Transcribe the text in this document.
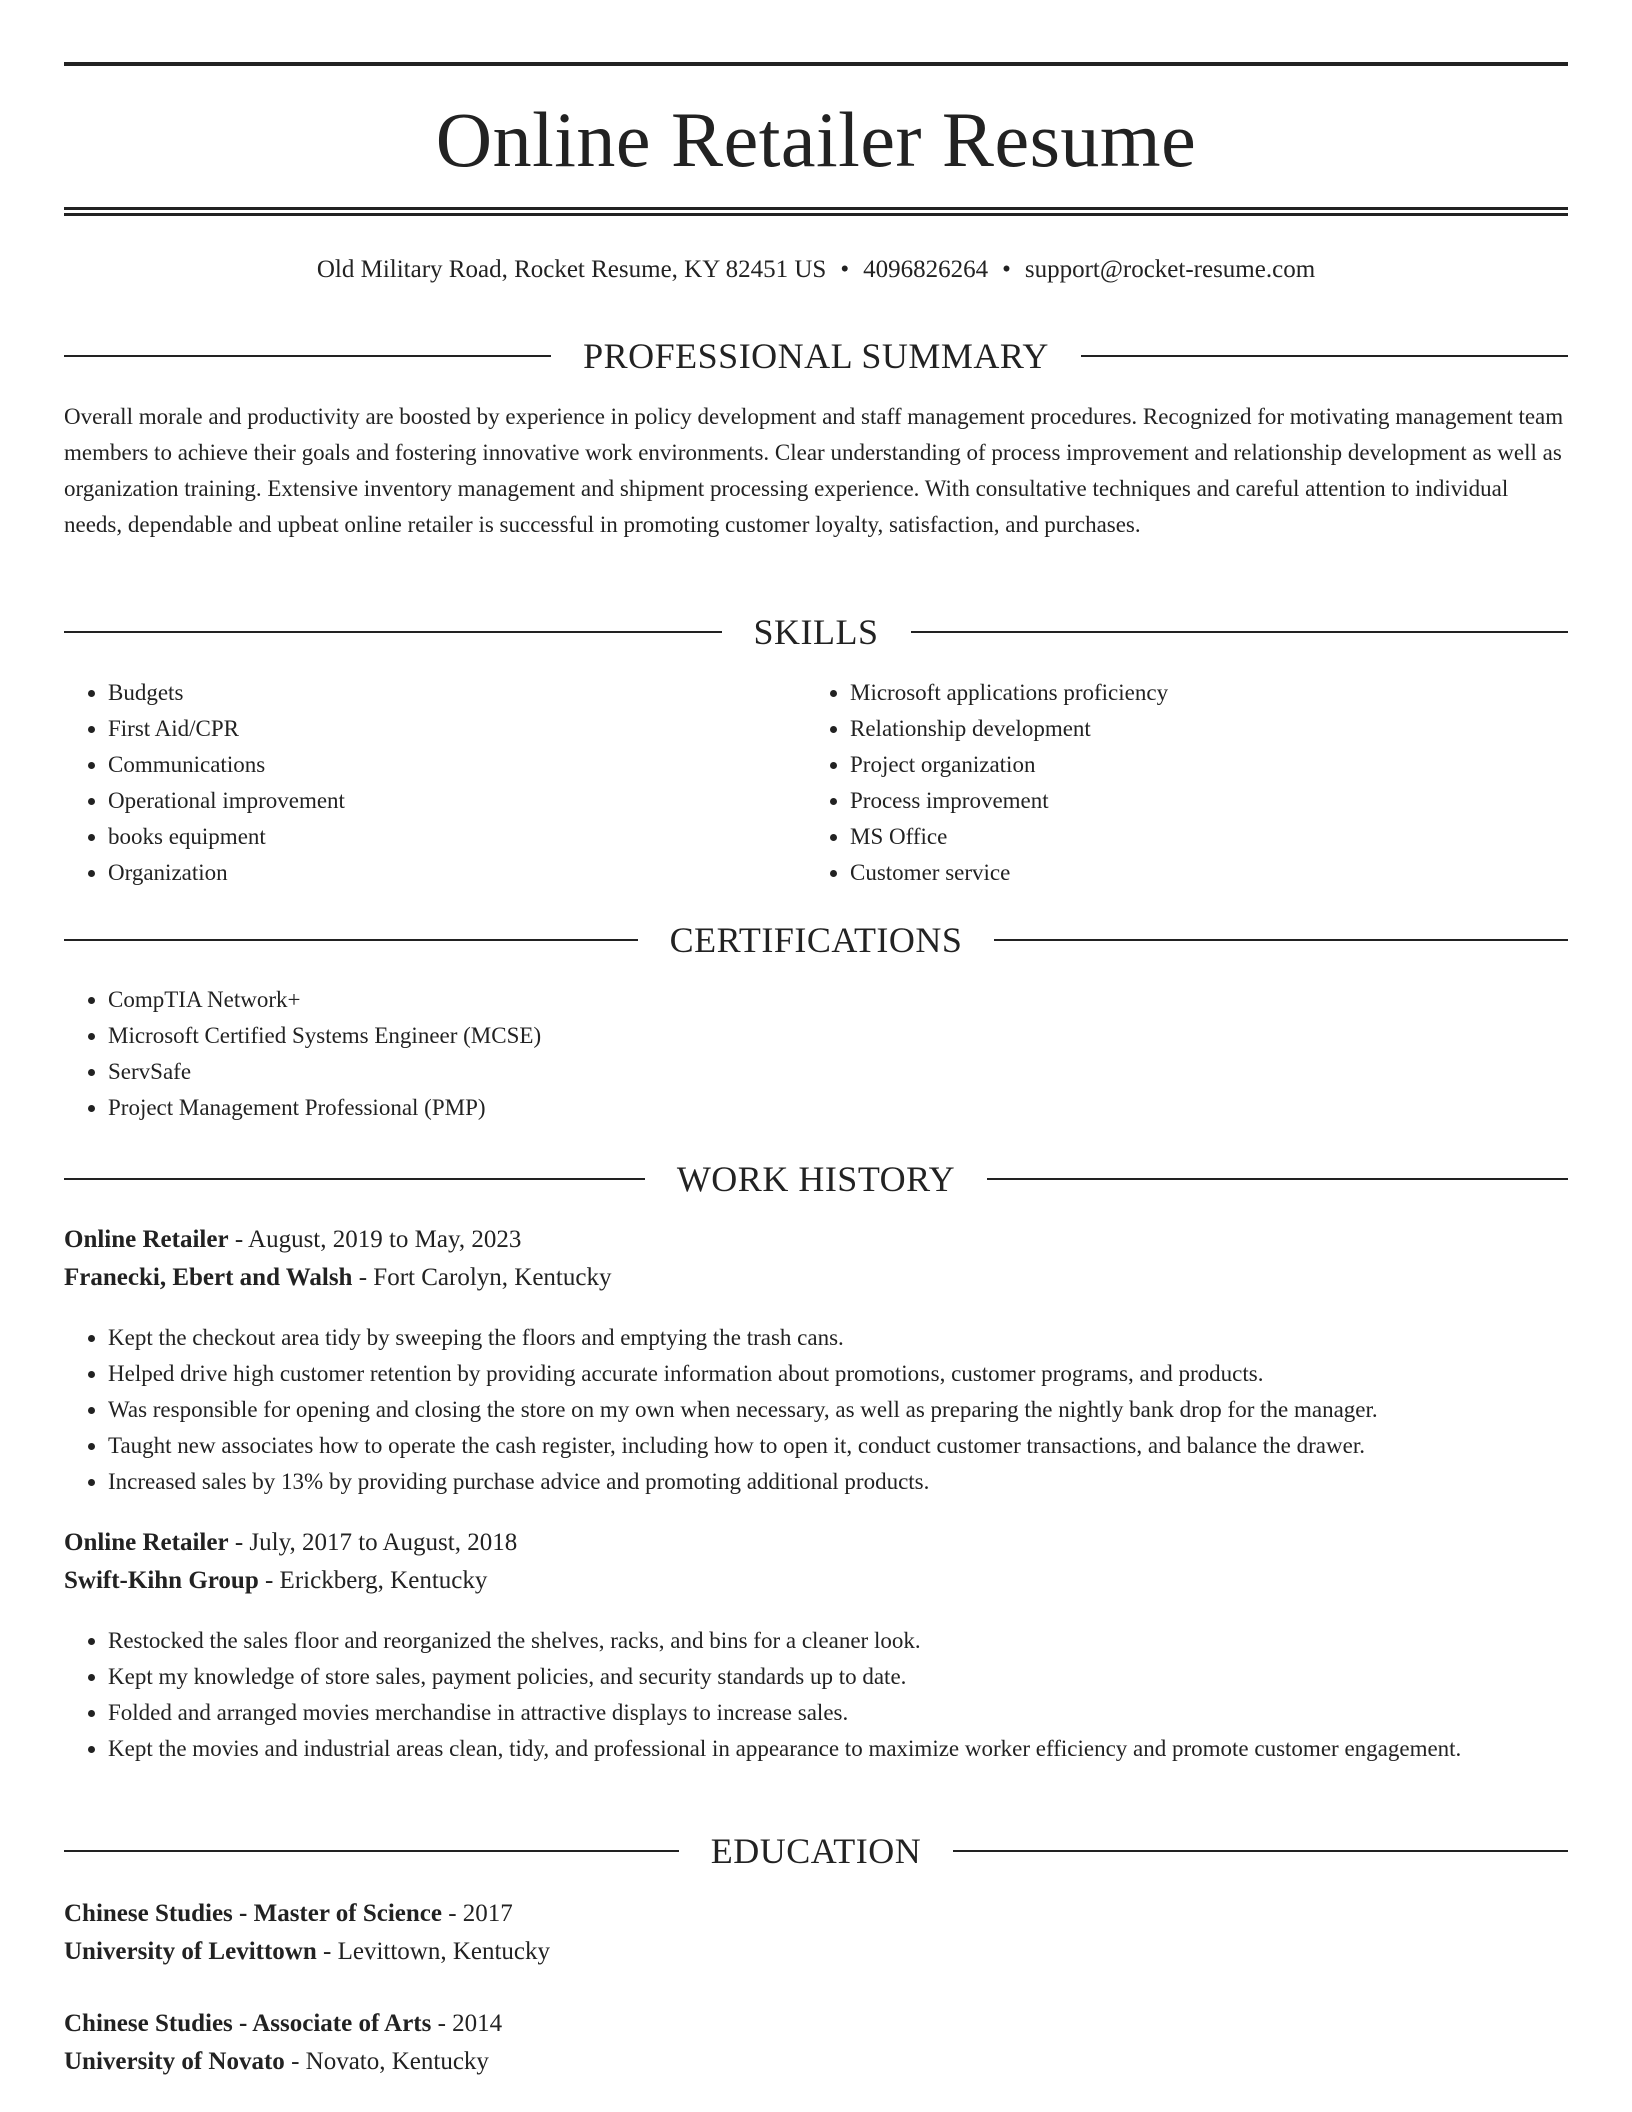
Online Retailer Resume
Old Military Road, Rocket Resume, KY 82451 US • 4096826264 • support@rocket-resume.com
PROFESSIONAL SUMMARY

Overall morale and productivity are boosted by experience in policy development and staff management procedures. Recognized for motivating management team members to achieve their goals and fostering innovative work environments. Clear understanding of process improvement and relationship development as well as organization training. Extensive inventory management and shipment processing experience. With consultative techniques and careful attention to individual needs, dependable and upbeat online retailer is successful in promoting customer loyalty, satisfaction, and purchases.

SKILLS
• Budgets
• First Aid/CPR
• Communications
• Operational improvement
• books equipment
• Organization
• Microsoft applications proficiency
• Relationship development
• Project organization
• Process improvement
• MS Office
• Customer service
CERTIFICATIONS
• CompTIA Network+
• Microsoft Certified Systems Engineer (MCSE)
• ServSafe
• Project Management Professional (PMP)
WORK HISTORY
Online Retailer - August, 2019 to May, 2023
Franecki, Ebert and Walsh - Fort Carolyn, Kentucky
• Kept the checkout area tidy by sweeping the floors and emptying the trash cans.
• Helped drive high customer retention by providing accurate information about promotions, customer programs, and products.
• Was responsible for opening and closing the store on my own when necessary, as well as preparing the nightly bank drop for the manager.
• Taught new associates how to operate the cash register, including how to open it, conduct customer transactions, and balance the drawer.
• Increased sales by 13% by providing purchase advice and promoting additional products.
Online Retailer - July, 2017 to August, 2018
Swift-Kihn Group - Erickberg, Kentucky
• Restocked the sales floor and reorganized the shelves, racks, and bins for a cleaner look.
• Kept my knowledge of store sales, payment policies, and security standards up to date.
• Folded and arranged movies merchandise in attractive displays to increase sales.
• Kept the movies and industrial areas clean, tidy, and professional in appearance to maximize worker efficiency and promote customer engagement.
EDUCATION
Chinese Studies - Master of Science - 2017
University of Levittown - Levittown, Kentucky
Chinese Studies - Associate of Arts - 2014
University of Novato - Novato, Kentucky
